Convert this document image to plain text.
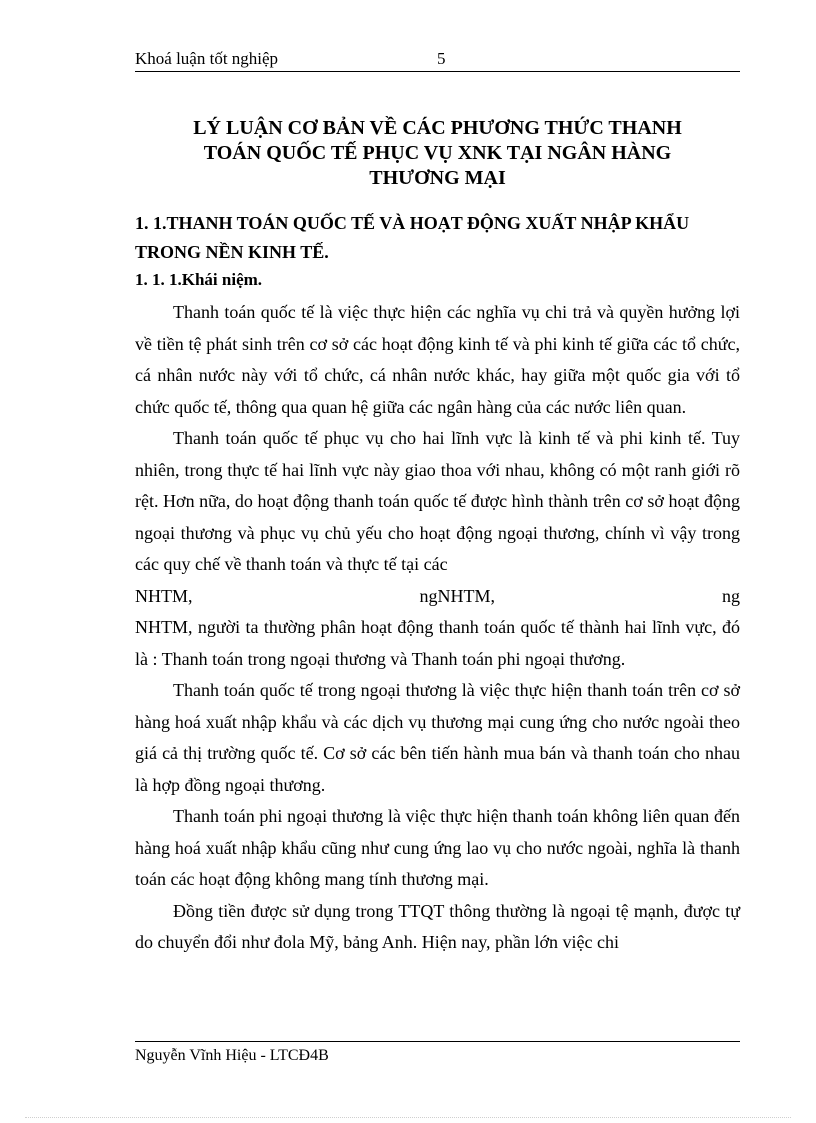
Khoá luận tốt nghiệp	5
LÝ LUẬN CƠ BẢN VỀ CÁC PHƯƠNG THỨC THANH
TOÁN QUỐC TẾ PHỤC VỤ XNK TẠI NGÂN HÀNG
THƯƠNG MẠI
1. 1.THANH TOÁN QUỐC TẾ VÀ HOẠT ĐỘNG XUẤT NHẬP KHẨU
TRONG NỀN KINH TẾ.
1. 1. 1.Khái niệm.

Thanh toán quốc tế là việc thực hiện các nghĩa vụ chi trả và quyền hưởng lợi về tiền tệ phát sinh trên cơ sở các hoạt động kinh tế và phi kinh tế giữa các tổ chức, cá nhân nước này với tổ chức, cá nhân nước khác, hay giữa một quốc gia với tổ chức quốc tế, thông qua quan hệ giữa các ngân hàng của các nước liên quan.

Thanh toán quốc tế phục vụ cho hai lĩnh vực là kinh tế và phi kinh tế. Tuy nhiên, trong thực tế hai lĩnh vực này giao thoa với nhau, không có một ranh giới rõ rệt. Hơn nữa, do hoạt động thanh toán quốc tế được hình thành trên cơ sở hoạt động ngoại thương và phục vụ chủ yếu cho hoạt động ngoại thương, chính vì vậy trong các quy chế về thanh toán và thực tế tại các

NHTM,	ngNHTM,	ng

NHTM, người ta thường phân hoạt động thanh toán quốc tế thành hai lĩnh vực, đó là : Thanh toán trong ngoại thương và Thanh toán phi ngoại thương.

Thanh toán quốc tế trong ngoại thương là việc thực hiện thanh toán trên cơ sở hàng hoá xuất nhập khẩu và các dịch vụ thương mại cung ứng cho nước ngoài theo giá cả thị trường quốc tế. Cơ sở các bên tiến hành mua bán và thanh toán cho nhau là hợp đồng ngoại thương.

Thanh toán phi ngoại thương là việc thực hiện thanh toán không liên quan đến hàng hoá xuất nhập khẩu cũng như cung ứng lao vụ cho nước ngoài, nghĩa là thanh toán các hoạt động không mang tính thương mại.

Đồng tiền được sử dụng trong TTQT thông thường là ngoại tệ mạnh, được tự do chuyển đổi như đola Mỹ, bảng Anh. Hiện nay, phần lớn việc chi

Nguyễn Vĩnh Hiệu - LTCĐ4B
